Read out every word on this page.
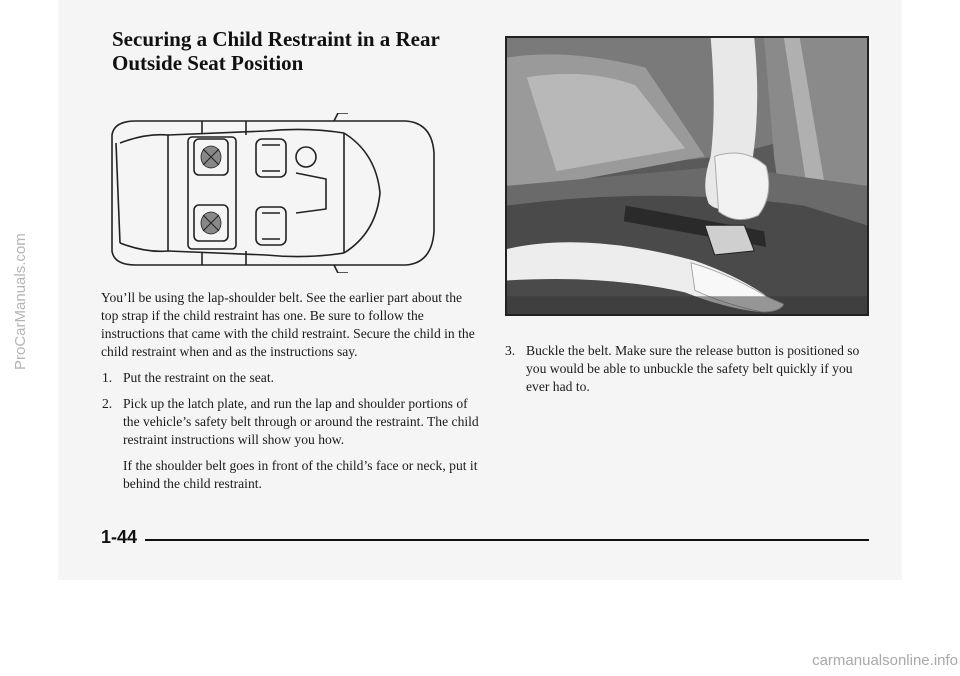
ProCarManuals.com
Securing a Child Restraint in a Rear
Outside Seat Position

You’ll be using the lap-shoulder belt. See the earlier part about the top strap if the child restraint has one. Be sure to follow the instructions that came with the child restraint. Secure the child in the child restraint when and as the instructions say.

1. Put the restraint on the seat.
2. Pick up the latch plate, and run the lap and shoulder portions of the vehicle’s safety belt through or around the restraint. The child restraint instructions will show you how.

If the shoulder belt goes in front of the child’s face or neck, put it behind the child restraint.

3. Buckle the belt. Make sure the release button is positioned so you would be able to unbuckle the safety belt quickly if you ever had to.
1-44
carmanualsonline.info
